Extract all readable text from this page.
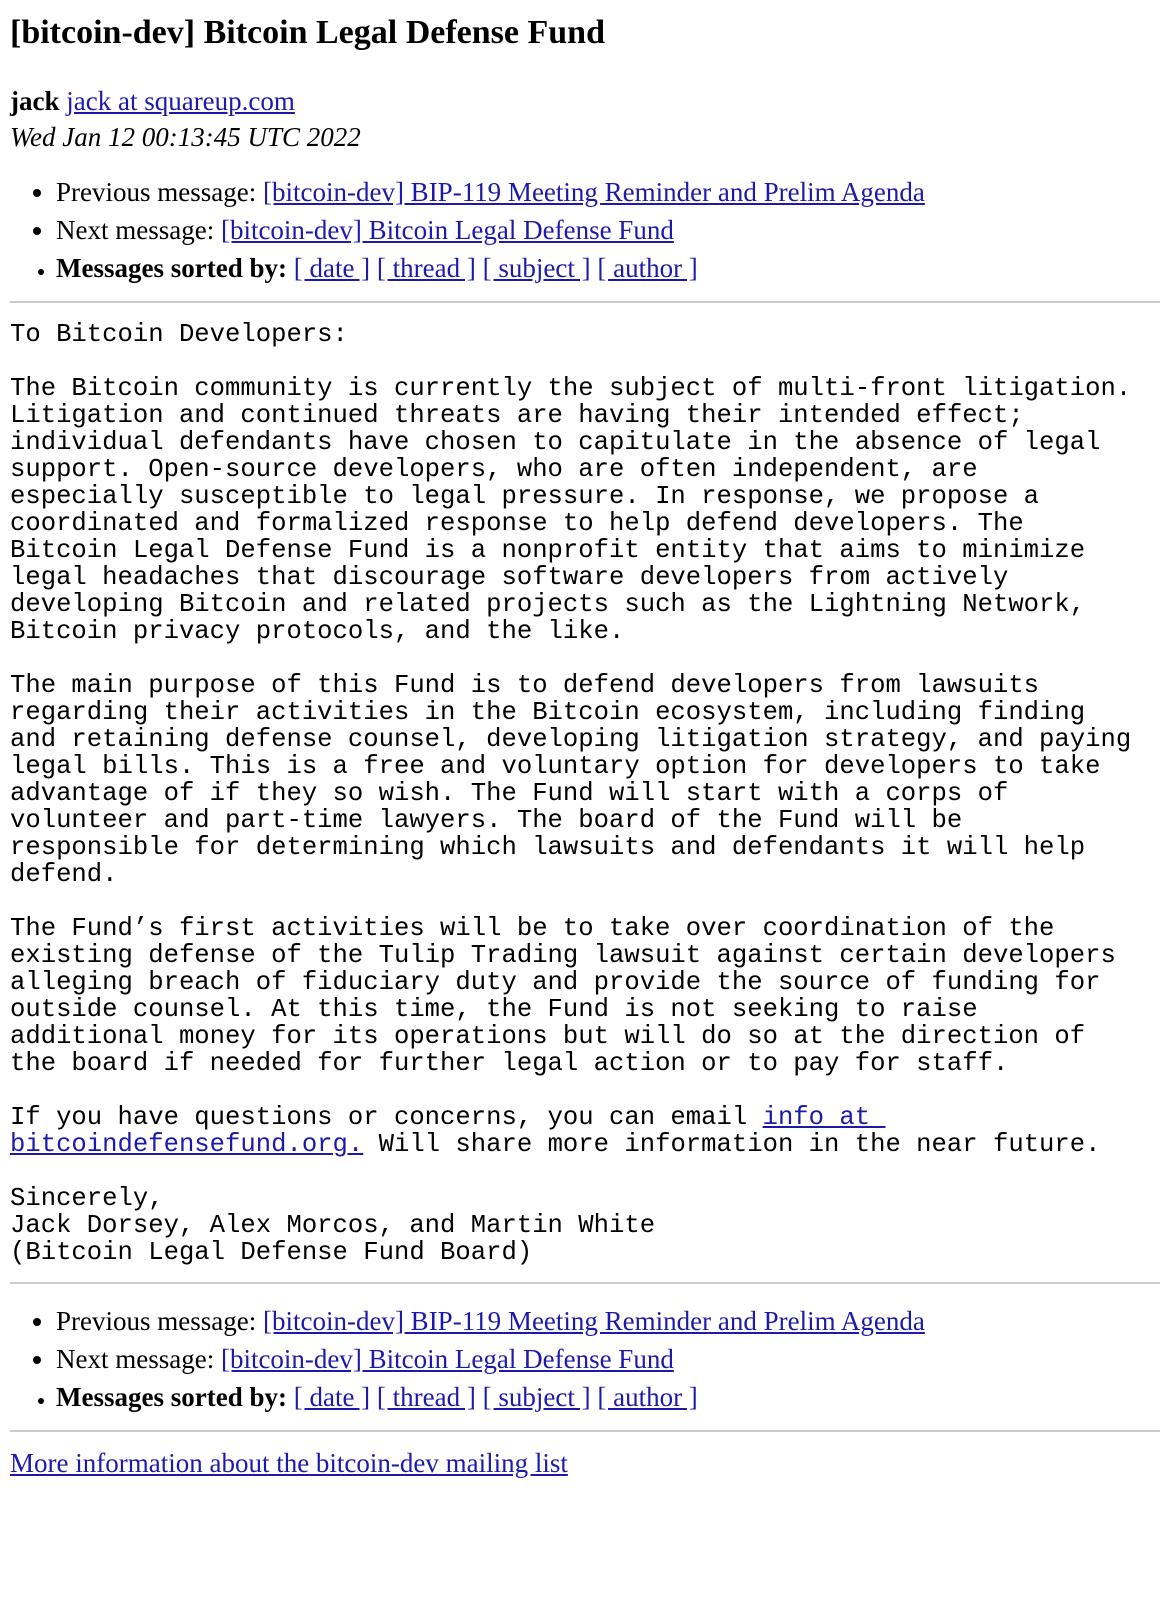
[bitcoin-dev] Bitcoin Legal Defense Fund
jack jack at squareup.com
Wed Jan 12 00:13:45 UTC 2022
• Previous message: [bitcoin-dev] BIP-119 Meeting Reminder and Prelim Agenda
• Next message: [bitcoin-dev] Bitcoin Legal Defense Fund
• Messages sorted by: [ date ] [ thread ] [ subject ] [ author ]
To Bitcoin Developers:

The Bitcoin community is currently the subject of multi-front litigation.
Litigation and continued threats are having their intended effect;
individual defendants have chosen to capitulate in the absence of legal
support. Open-source developers, who are often independent, are
especially susceptible to legal pressure. In response, we propose a
coordinated and formalized response to help defend developers. The
Bitcoin Legal Defense Fund is a nonprofit entity that aims to minimize
legal headaches that discourage software developers from actively
developing Bitcoin and related projects such as the Lightning Network,
Bitcoin privacy protocols, and the like.

The main purpose of this Fund is to defend developers from lawsuits
regarding their activities in the Bitcoin ecosystem, including finding
and retaining defense counsel, developing litigation strategy, and paying
legal bills. This is a free and voluntary option for developers to take
advantage of if they so wish. The Fund will start with a corps of
volunteer and part-time lawyers. The board of the Fund will be
responsible for determining which lawsuits and defendants it will help
defend.

The Fund’s first activities will be to take over coordination of the
existing defense of the Tulip Trading lawsuit against certain developers
alleging breach of fiduciary duty and provide the source of funding for
outside counsel. At this time, the Fund is not seeking to raise
additional money for its operations but will do so at the direction of
the board if needed for further legal action or to pay for staff.

If you have questions or concerns, you can email info at
bitcoindefensefund.org. Will share more information in the near future.

Sincerely,
Jack Dorsey, Alex Morcos, and Martin White
(Bitcoin Legal Defense Fund Board)
• Previous message: [bitcoin-dev] BIP-119 Meeting Reminder and Prelim Agenda
• Next message: [bitcoin-dev] Bitcoin Legal Defense Fund
• Messages sorted by: [ date ] [ thread ] [ subject ] [ author ]
More information about the bitcoin-dev mailing list
